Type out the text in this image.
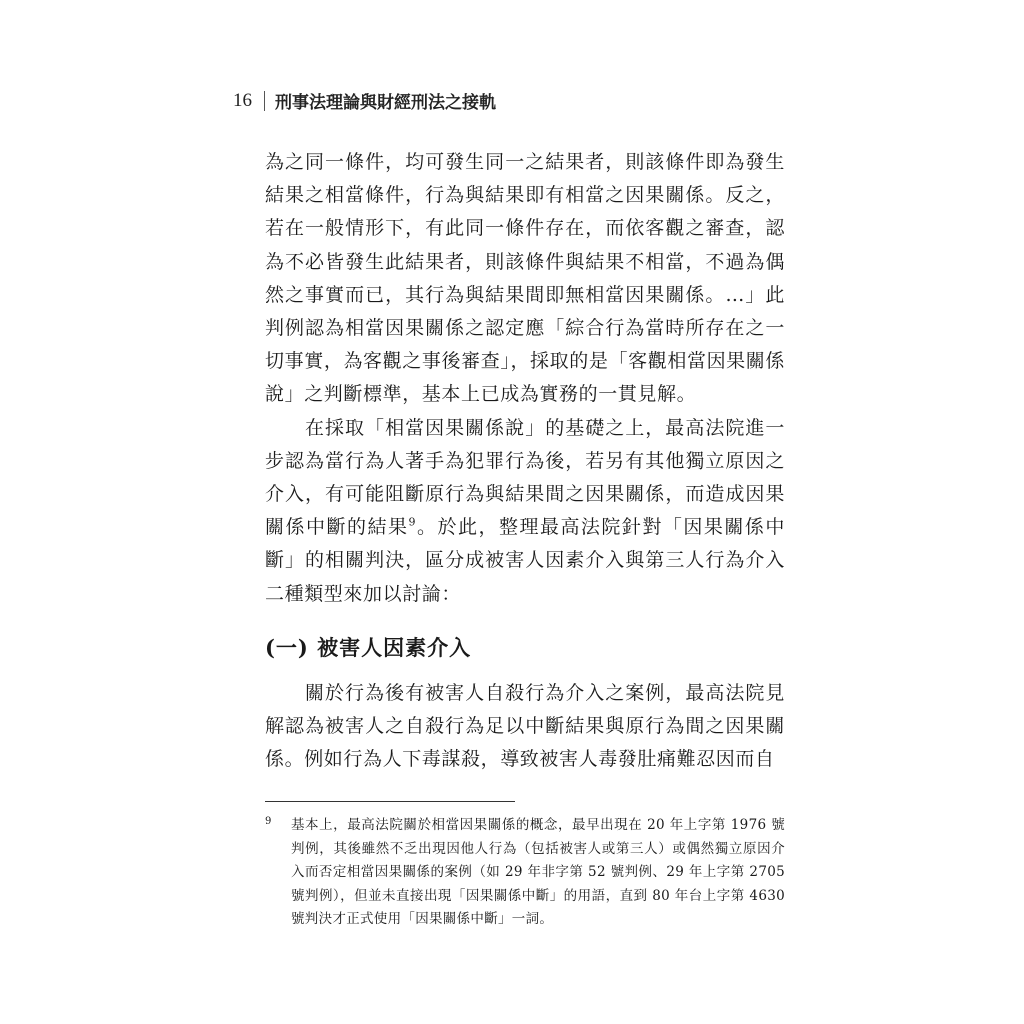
16 刑事法理論與財經刑法之接軌

為之同一條件，均可發生同一之結果者，則該條件即為發生結果之相當條件，行為與結果即有相當之因果關係。反之，若在一般情形下，有此同一條件存在，而依客觀之審查，認為不必皆發生此結果者，則該條件與結果不相當，不過為偶然之事實而已，其行為與結果間即無相當因果關係。…」此判例認為相當因果關係之認定應「綜合行為當時所存在之一切事實，為客觀之事後審查」，採取的是「客觀相當因果關係說」之判斷標準，基本上已成為實務的一貫見解。

在採取「相當因果關係說」的基礎之上，最高法院進一步認為當行為人著手為犯罪行為後，若另有其他獨立原因之介入，有可能阻斷原行為與結果間之因果關係，而造成因果關係中斷的結果$^9$。於此，整理最高法院針對「因果關係中斷」的相關判決，區分成被害人因素介入與第三人行為介入二種類型來加以討論：

(一) 被害人因素介入

關於行為後有被害人自殺行為介入之案例，最高法院見解認為被害人之自殺行為足以中斷結果與原行為間之因果關係。例如行為人下毒謀殺，導致被害人毒發肚痛難忍因而自

9	基本上，最高法院關於相當因果關係的概念，最早出現在 20 年上字第 1976 號判例，其後雖然不乏出現因他人行為（包括被害人或第三人）或偶然獨立原因介入而否定相當因果關係的案例（如 29 年非字第 52 號判例、29 年上字第 2705 號判例），但並未直接出現「因果關係中斷」的用語，直到 80 年台上字第 4630 號判決才正式使用「因果關係中斷」一詞。
